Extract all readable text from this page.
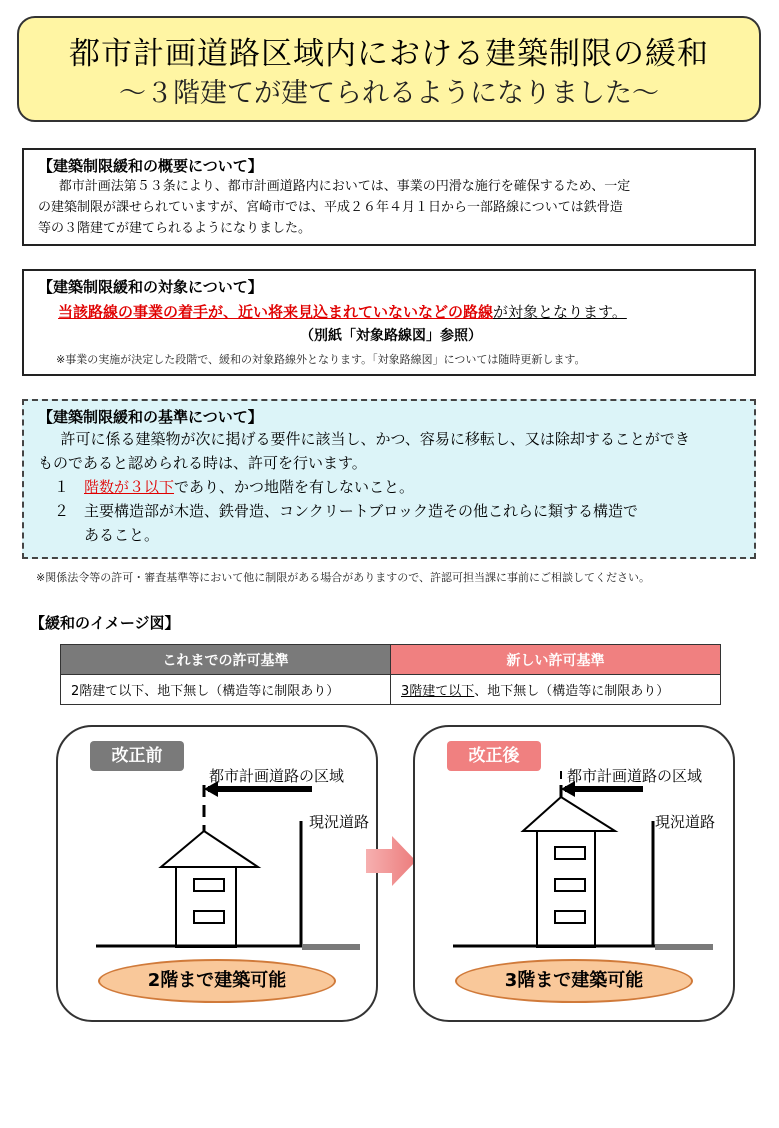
都市計画道路区域内における建築制限の緩和
～３階建てが建てられるようになりました～
【建築制限緩和の概要について】
都市計画法第５３条により、都市計画道路内においては、事業の円滑な施行を確保するため、一定
の建築制限が課せられていますが、宮崎市では、平成２６年４月１日から一部路線については鉄骨造
等の３階建てが建てられるようになりました。
【建築制限緩和の対象について】
当該路線の事業の着手が、近い将来見込まれていないなどの路線が対象となります。
（別紙「対象路線図」参照）
※事業の実施が決定した段階で、緩和の対象路線外となります。「対象路線図」については随時更新します。
【建築制限緩和の基準について】
許可に係る建築物が次に掲げる要件に該当し、かつ、容易に移転し、又は除却することができ
ものであると認められる時は、許可を行います。
１ 階数が３以下であり、かつ地階を有しないこと。
２ 主要構造部が木造、鉄骨造、コンクリートブロック造その他これらに類する構造で
あること。
※関係法令等の許可・審査基準等において他に制限がある場合がありますので、許認可担当課に事前にご相談してください。
【緩和のイメージ図】
これまでの許可基準	新しい許可基準
2階建て以下、地下無し（構造等に制限あり）	3階建て以下、地下無し（構造等に制限あり）
改正前
都市計画道路の区域
現況道路
2階まで建築可能
改正後
都市計画道路の区域
現況道路
3階まで建築可能
